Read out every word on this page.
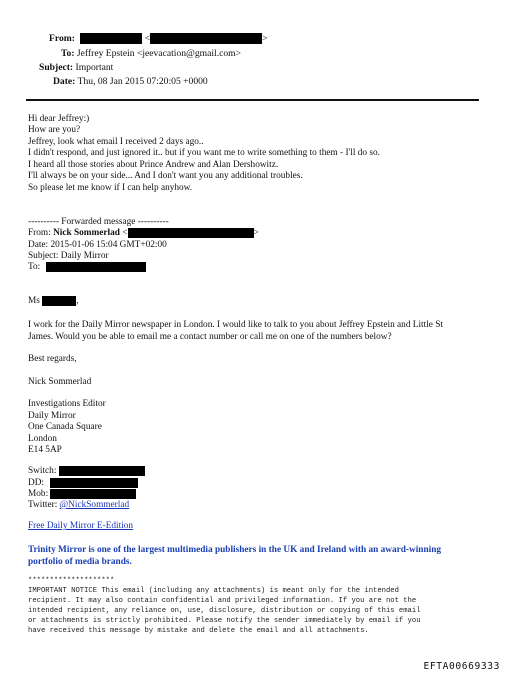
From:	<	>
To: Jeffrey Epstein <jeevacation@gmail.com>
Subject: Important
Date: Thu, 08 Jan 2015 07:20:05 +0000
Hi dear Jeffrey:)
How are you?
Jeffrey, look what email I received 2 days ago..
I didn't respond, and just ignored it.. but if you want me to write something to them - I'll do so.
I heard all those stories about Prince Andrew and Alan Dershowitz.
I'll always be on your side... And I don't want you any additional troubles.
So please let me know if I can help anyhow.
---------- Forwarded message ----------
From: Nick Sommerlad <	>
Date: 2015-01-06 15:04 GMT+02:00
Subject: Daily Mirror
To:
Ms	,
I work for the Daily Mirror newspaper in London. I would like to talk to you about Jeffrey Epstein and Little St
James. Would you be able to email me a contact number or call me on one of the numbers below?
Best regards,
Nick Sommerlad
Investigations Editor
Daily Mirror
One Canada Square
London
E14 5AP
Switch:
DD:
Mob:
Twitter: @NickSommerlad
Free Daily Mirror E-Edition
Trinity Mirror is one of the largest multimedia publishers in the UK and Ireland with an award-winning
portfolio of media brands.
********************
IMPORTANT NOTICE This email (including any attachments) is meant only for the intended
recipient. It may also contain confidential and privileged information. If you are not the
intended recipient, any reliance on, use, disclosure, distribution or copying of this email
or attachments is strictly prohibited. Please notify the sender immediately by email if you
have received this message by mistake and delete the email and all attachments.
EFTA00669333
